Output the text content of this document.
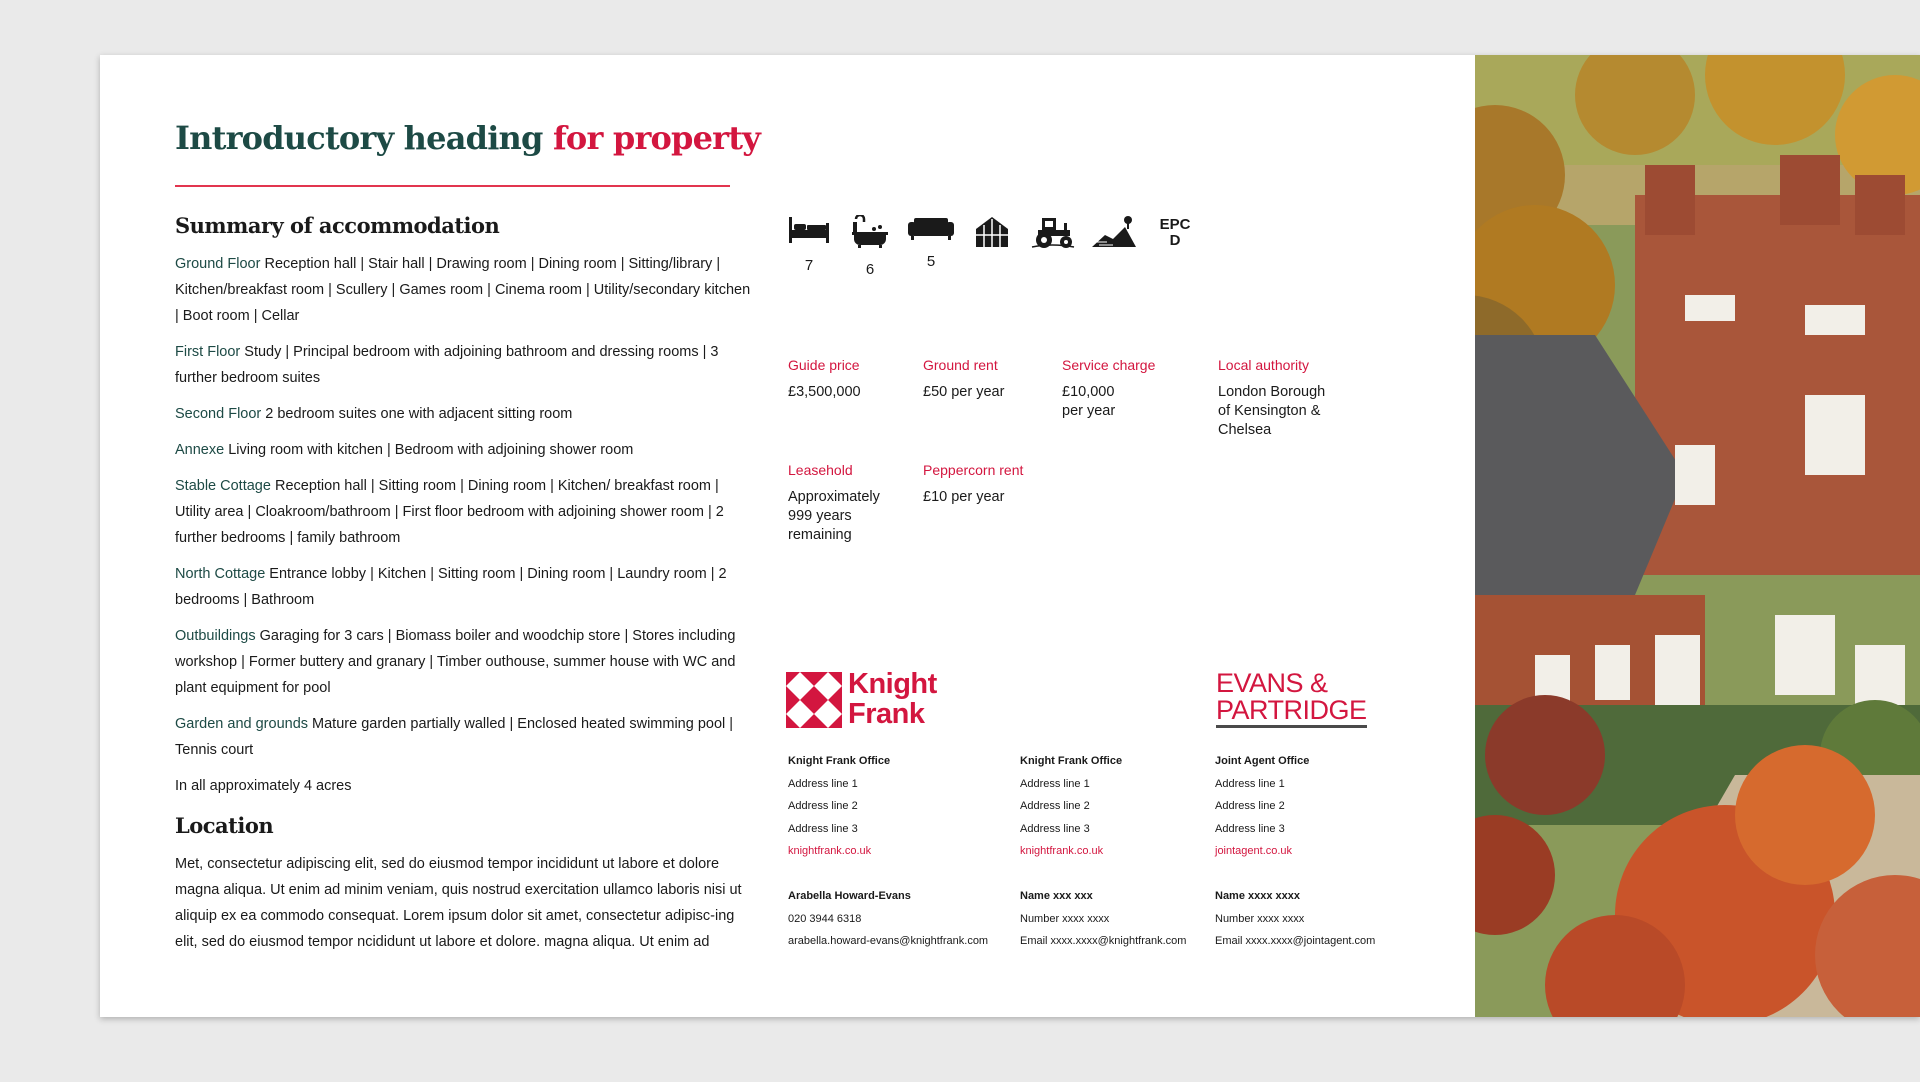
Introductory heading for property
Summary of accommodation

Ground Floor Reception hall | Stair hall | Drawing room | Dining room | Sitting/library | Kitchen/breakfast room | Scullery | Games room | Cinema room | Utility/secondary kitchen | Boot room | Cellar

First Floor Study | Principal bedroom with adjoining bathroom and dressing rooms | 3 further bedroom suites

Second Floor 2 bedroom suites one with adjacent sitting room

Annexe Living room with kitchen | Bedroom with adjoining shower room

Stable Cottage Reception hall | Sitting room | Dining room | Kitchen/ breakfast room | Utility area | Cloakroom/bathroom | First floor bedroom with adjoining shower room | 2 further bedrooms | family bathroom

North Cottage Entrance lobby | Kitchen | Sitting room | Dining room | Laundry room | 2 bedrooms | Bathroom

Outbuildings Garaging for 3 cars | Biomass boiler and woodchip store | Stores including workshop | Former buttery and granary | Timber outhouse, summer house with WC and plant equipment for pool

Garden and grounds Mature garden partially walled | Enclosed heated swimming pool | Tennis court

In all approximately 4 acres

Location

Met, consectetur adipiscing elit, sed do eiusmod tempor incididunt ut labore et dolore magna aliqua. Ut enim ad minim veniam, quis nostrud exercitation ullamco laboris nisi ut aliquip ex ea commodo consequat. Lorem ipsum dolor sit amet, consectetur adipisc-ing elit, sed do eiusmod tempor ncididunt ut labore et dolore. magna aliqua. Ut enim ad

7	6	5
EPC
D
Guide price
£3,500,000
Ground rent
£50 per year
Service charge
£10,000 per year
Local authority
London Borough of Kensington & Chelsea
Leasehold
Approximately 999 years remaining
Peppercorn rent
£10 per year
Knight
Frank
EVANS &
PARTRIDGE
Knight Frank Office
Address line 1
Address line 2
Address line 3
knightfrank.co.uk
Arabella Howard-Evans
020 3944 6318
arabella.howard-evans@knightfrank.com
Knight Frank Office
Address line 1
Address line 2
Address line 3
knightfrank.co.uk
Name xxx xxx
Number xxxx xxxx
Email xxxx.xxxx@knightfrank.com
Joint Agent Office
Address line 1
Address line 2
Address line 3
jointagent.co.uk
Name xxxx xxxx
Number xxxx xxxx
Email xxxx.xxxx@jointagent.com
